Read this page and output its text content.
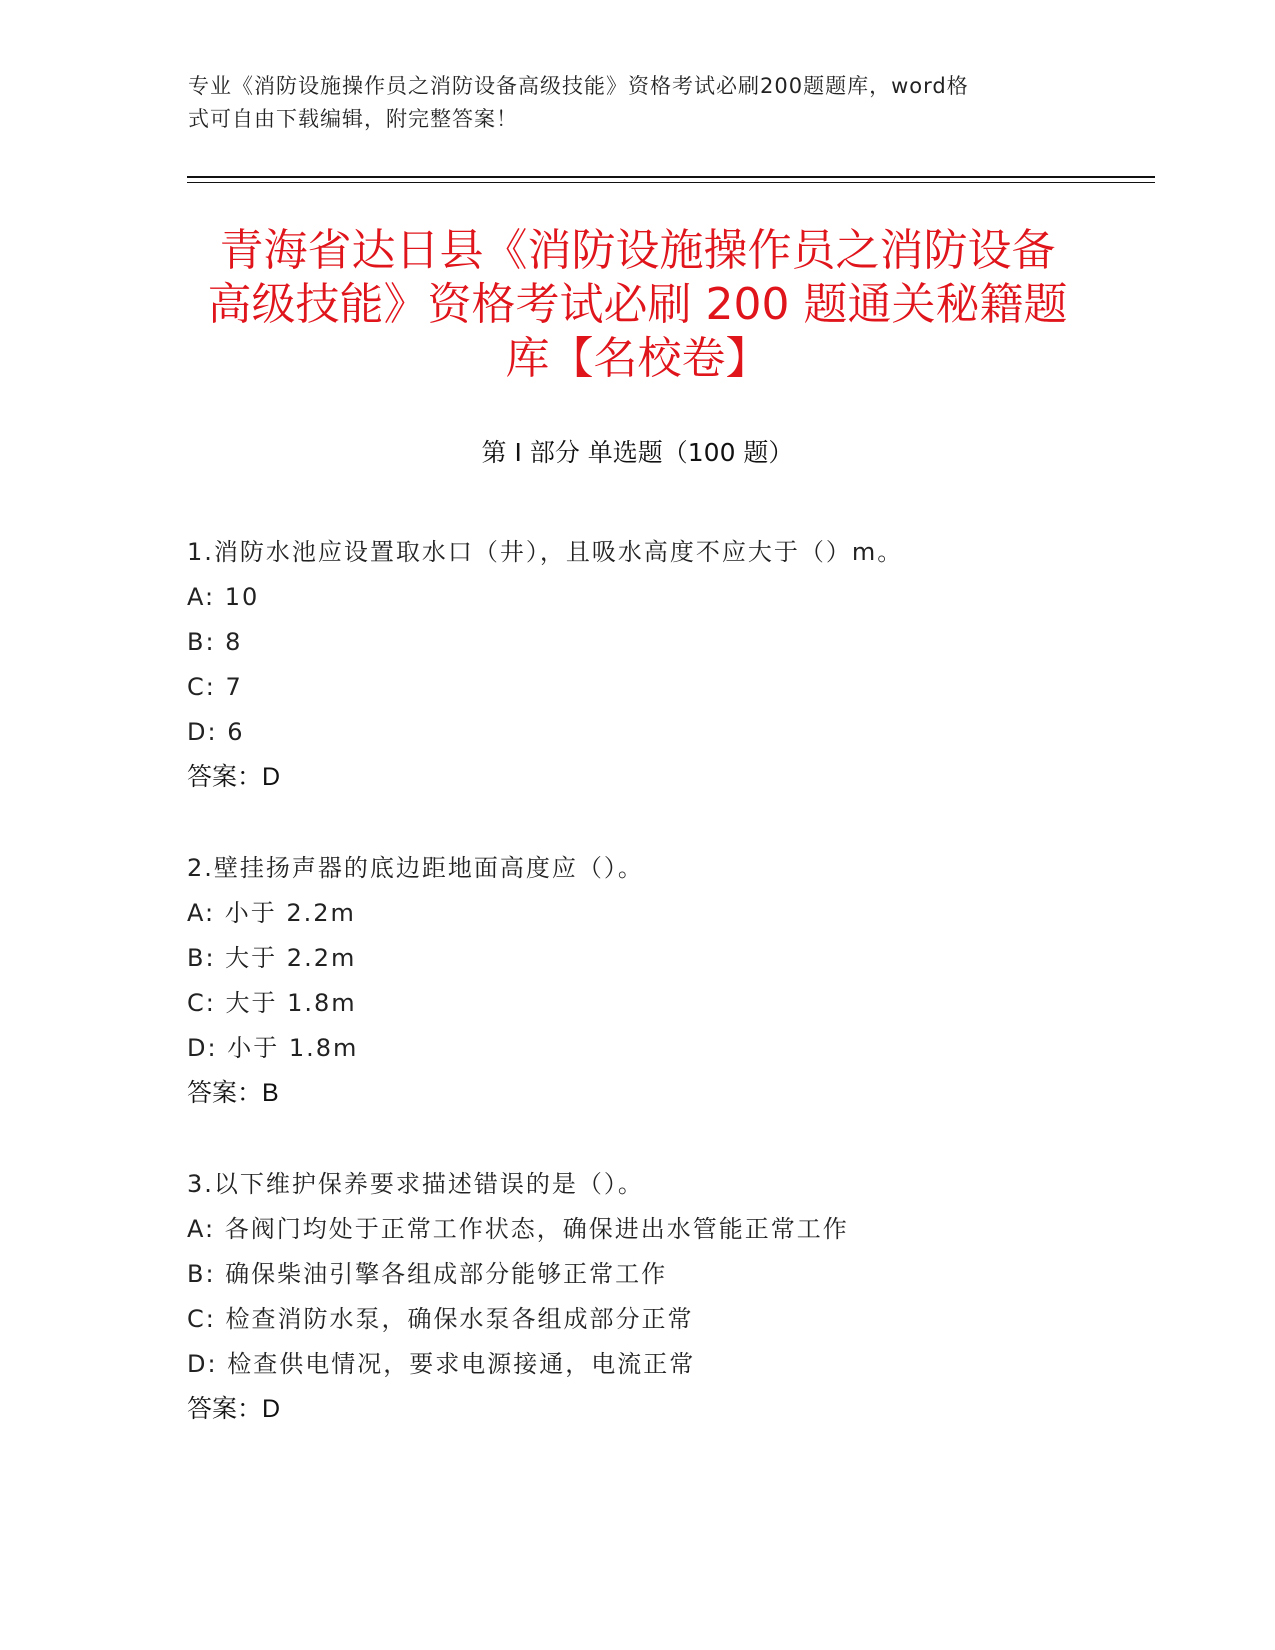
专业《消防设施操作员之消防设备高级技能》资格考试必刷200题题库，word格
式可自由下载编辑，附完整答案！
青海省达日县《消防设施操作员之消防设备
高级技能》资格考试必刷 200 题通关秘籍题
库【名校卷】
第 I 部分 单选题（100 题）
1.消防水池应设置取水口（井），且吸水高度不应大于（）m。
A: 10
B: 8
C: 7
D: 6
答案：D
2.壁挂扬声器的底边距地面高度应（）。
A: 小于 2.2m
B: 大于 2.2m
C: 大于 1.8m
D: 小于 1.8m
答案：B
3.以下维护保养要求描述错误的是（）。
A: 各阀门均处于正常工作状态，确保进出水管能正常工作
B: 确保柴油引擎各组成部分能够正常工作
C: 检查消防水泵，确保水泵各组成部分正常
D: 检查供电情况，要求电源接通，电流正常
答案：D
